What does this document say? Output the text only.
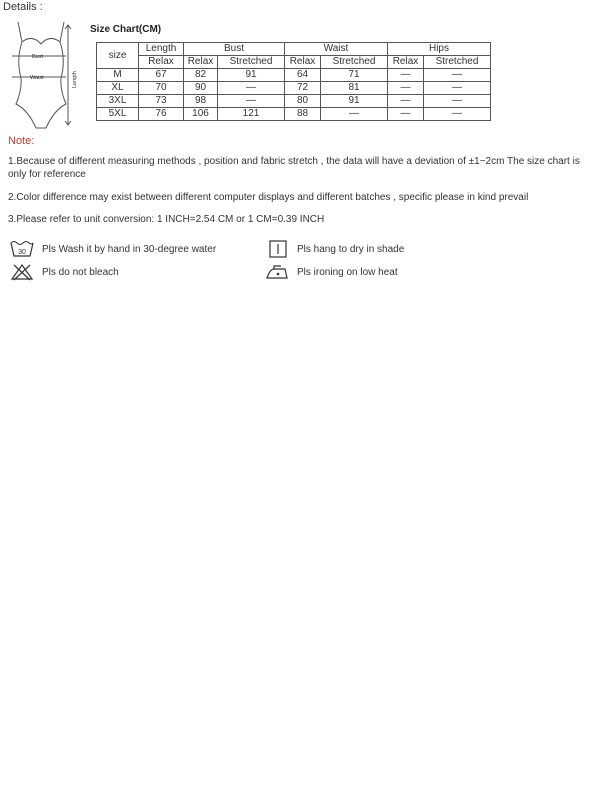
Details :
Bust
Waist	Length
Size Chart(CM)
size	Length	Bust		Waist		Hips	
	Relax	Relax	Stretched	Relax	Stretched	Relax	Stretched
M	67	82	91	64	71	—	—
XL	70	90	—	72	81	—	—
3XL	73	98	—	80	91	—	—
5XL	76	106	121	88	—	—	—
Note:
1.Because of different measuring methods , position and fabric stretch , the data will have a deviation of ±1~2cm The size chart is only for reference
2.Color difference may exist between different computer displays and different batches , specific please in kind prevail
3.Please refer to unit conversion: 1 INCH=2.54 CM or 1 CM=0.39 INCH
30 Pls Wash it by hand in 30-degree water
Pls do not bleach
Pls hang to dry in shade
Pls ironing on low heat
